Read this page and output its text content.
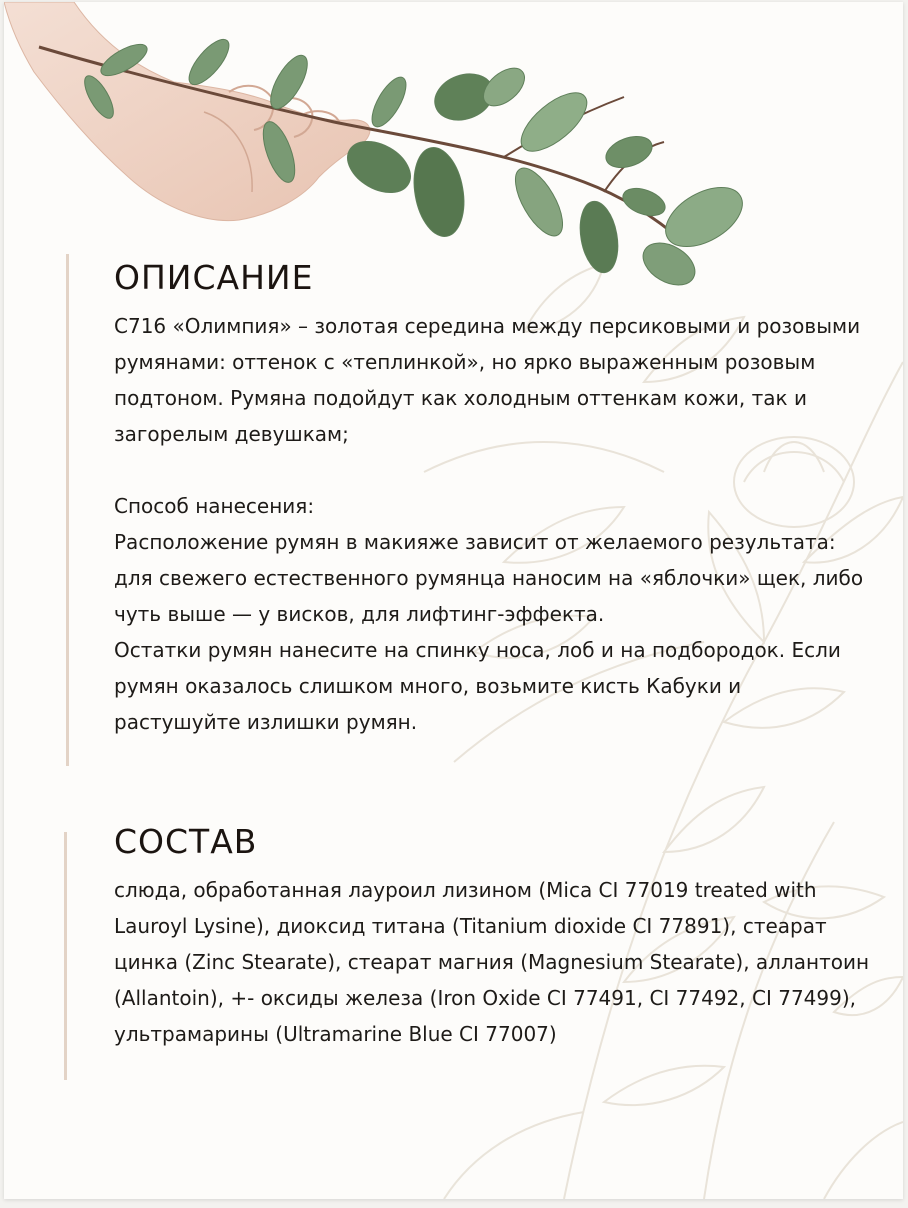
ОПИСАНИЕ

С716 «Олимпия» – золотая середина между персиковыми и розовыми румянами: оттенок с «теплинкой», но ярко выраженным розовым подтоном. Румяна подойдут как холодным оттенкам кожи, так и загорелым девушкам;

Способ нанесения:

Расположение румян в макияже зависит от желаемого результата: для свежего естественного румянца наносим на «яблочки» щек, либо чуть выше — у висков, для лифтинг-эффекта.

Остатки румян нанесите на спинку носа, лоб и на подбородок. Если румян оказалось слишком много, возьмите кисть Кабуки и растушуйте излишки румян.

СОСТАВ

слюда, обработанная лауроил лизином (Mica CI 77019 treated with Lauroyl Lysine), диоксид титана (Titanium dioxide CI 77891), стеарат цинка (Zinc Stearate), стеарат магния (Magnesium Stearate), аллантоин (Allantoin), +- оксиды железа (Iron Oxide CI 77491, CI 77492, CI 77499), ультрамарины (Ultramarine Blue CI 77007)
